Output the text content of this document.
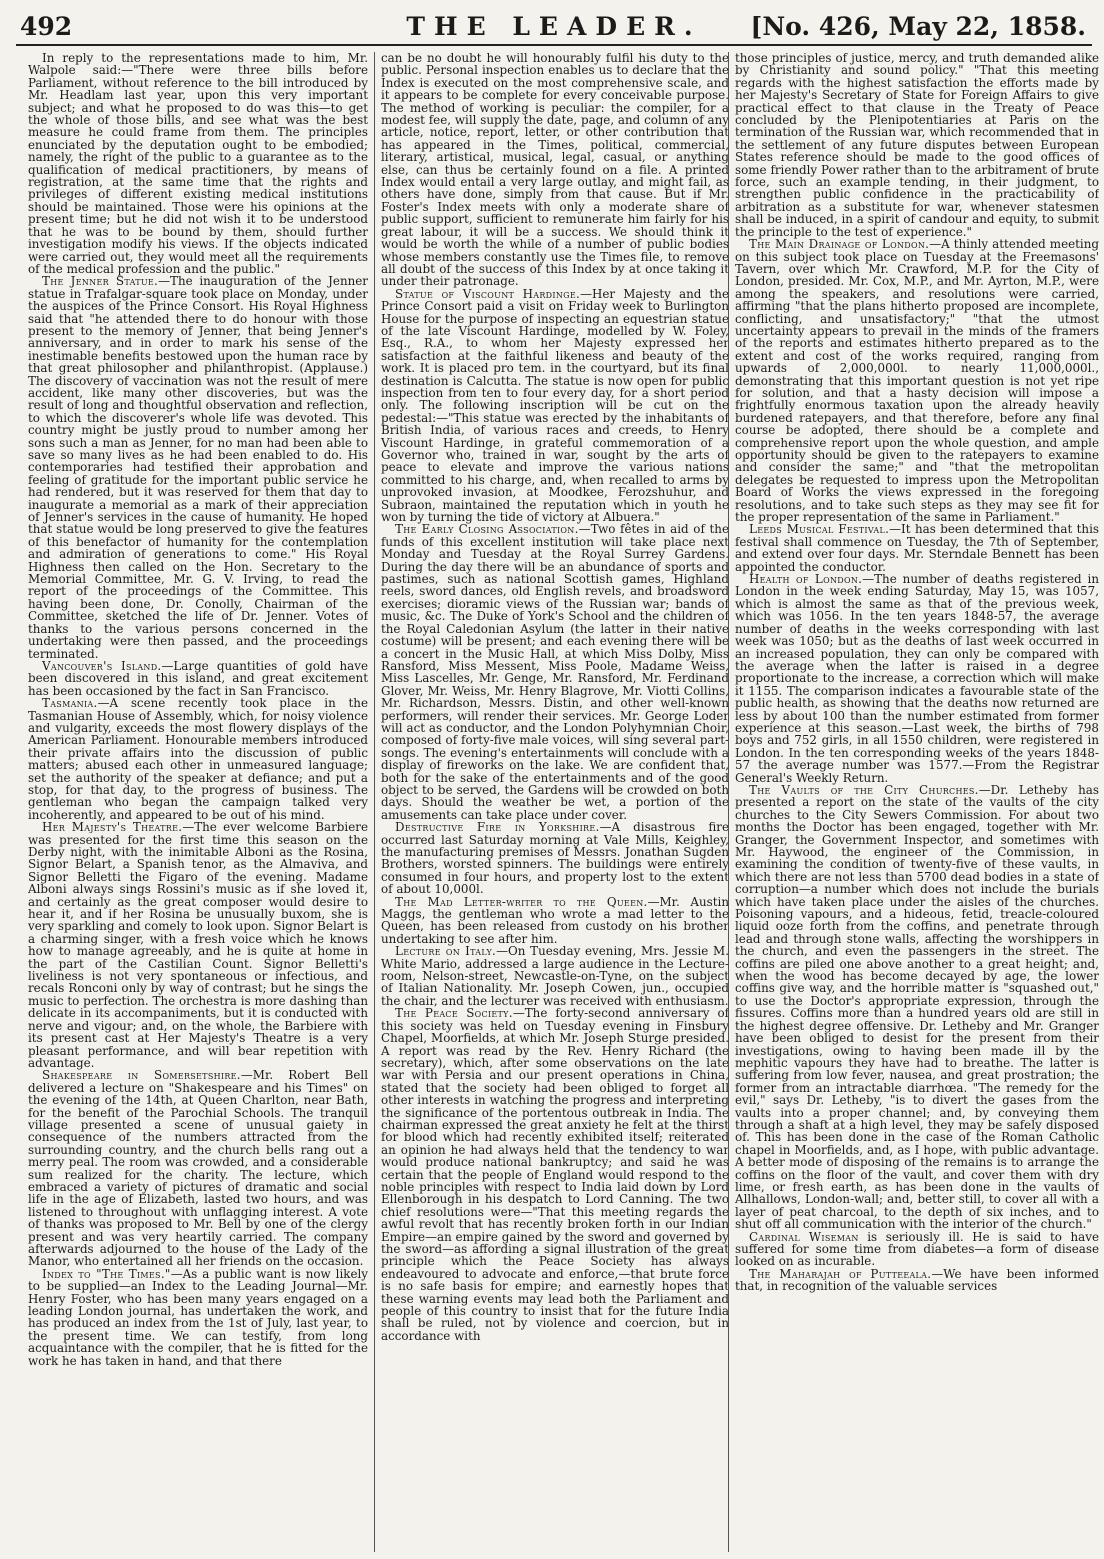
492	THE LEADER.	[No. 426, May 22, 1858.

In reply to the representations made to him, Mr. Walpole said:—"There were three bills before Parliament, without reference to the bill introduced by Mr. Headlam last year, upon this very important subject; and what he proposed to do was this—to get the whole of those bills, and see what was the best measure he could frame from them. The principles enunciated by the deputation ought to be embodied; namely, the right of the public to a guarantee as to the qualification of medical practitioners, by means of registration, at the same time that the rights and privileges of different existing medical institutions should be maintained. Those were his opinions at the present time; but he did not wish it to be understood that he was to be bound by them, should further investigation modify his views. If the objects indicated were carried out, they would meet all the requirements of the medical profession and the public."

The Jenner Statue.—The inauguration of the Jenner statue in Trafalgar-square took place on Monday, under the auspices of the Prince Consort. His Royal Highness said that "he attended there to do honour with those present to the memory of Jenner, that being Jenner's anniversary, and in order to mark his sense of the inestimable benefits bestowed upon the human race by that great philosopher and philanthropist. (Applause.) The discovery of vaccination was not the result of mere accident, like many other discoveries, but was the result of long and thoughtful observation and reflection, to which the discoverer's whole life was devoted. This country might be justly proud to number among her sons such a man as Jenner, for no man had been able to save so many lives as he had been enabled to do. His contemporaries had testified their approbation and feeling of gratitude for the important public service he had rendered, but it was reserved for them that day to inaugurate a memorial as a mark of their appreciation of Jenner's services in the cause of humanity. He hoped that statue would be long preserved to give the features of this benefactor of humanity for the contemplation and admiration of generations to come." His Royal Highness then called on the Hon. Secretary to the Memorial Committee, Mr. G. V. Irving, to read the report of the proceedings of the Committee. This having been done, Dr. Conolly, Chairman of the Committee, sketched the life of Dr. Jenner. Votes of thanks to the various persons concerned in the undertaking were then passed, and the proceedings terminated.

Vancouver's Island.—Large quantities of gold have been discovered in this island, and great excitement has been occasioned by the fact in San Francisco.

Tasmania.—A scene recently took place in the Tasmanian House of Assembly, which, for noisy violence and vulgarity, exceeds the most flowery displays of the American Parliament. Honourable members introduced their private affairs into the discussion of public matters; abused each other in unmeasured language; set the authority of the speaker at defiance; and put a stop, for that day, to the progress of business. The gentleman who began the campaign talked very incoherently, and appeared to be out of his mind.

Her Majesty's Theatre.—The ever welcome Barbiere was presented for the first time this season on the Derby night, with the inimitable Alboni as the Rosina, Signor Belart, a Spanish tenor, as the Almaviva, and Signor Belletti the Figaro of the evening. Madame Alboni always sings Rossini's music as if she loved it, and certainly as the great composer would desire to hear it, and if her Rosina be unusually buxom, she is very sparkling and comely to look upon. Signor Belart is a charming singer, with a fresh voice which he knows how to manage agreeably, and he is quite at home in the part of the Castilian Count. Signor Belletti's liveliness is not very spontaneous or infectious, and recals Ronconi only by way of contrast; but he sings the music to perfection. The orchestra is more dashing than delicate in its accompaniments, but it is conducted with nerve and vigour; and, on the whole, the Barbiere with its present cast at Her Majesty's Theatre is a very pleasant performance, and will bear repetition with advantage.

Shakespeare in Somersetshire.—Mr. Robert Bell delivered a lecture on "Shakespeare and his Times" on the evening of the 14th, at Queen Charlton, near Bath, for the benefit of the Parochial Schools. The tranquil village presented a scene of unusual gaiety in consequence of the numbers attracted from the surrounding country, and the church bells rang out a merry peal. The room was crowded, and a considerable sum realized for the charity. The lecture, which embraced a variety of pictures of dramatic and social life in the age of Elizabeth, lasted two hours, and was listened to throughout with unflagging interest. A vote of thanks was proposed to Mr. Bell by one of the clergy present and was very heartily carried. The company afterwards adjourned to the house of the Lady of the Manor, who entertained all her friends on the occasion.

Index to "The Times."—As a public want is now likely to be supplied—an Index to the Leading Journal—Mr. Henry Foster, who has been many years engaged on a leading London journal, has undertaken the work, and has produced an index from the 1st of July, last year, to the present time. We can testify, from long acquaintance with the compiler, that he is fitted for the work he has taken in hand, and that there

can be no doubt he will honourably fulfil his duty to the public. Personal inspection enables us to declare that the Index is executed on the most comprehensive scale, and it appears to be complete for every conceivable purpose. The method of working is peculiar: the compiler, for a modest fee, will supply the date, page, and column of any article, notice, report, letter, or other contribution that has appeared in the Times, political, commercial, literary, artistical, musical, legal, casual, or anything else, can thus be certainly found on a file. A printed Index would entail a very large outlay, and might fail, as others have done, simply from that cause. But if Mr. Foster's Index meets with only a moderate share of public support, sufficient to remunerate him fairly for his great labour, it will be a success. We should think it would be worth the while of a number of public bodies whose members constantly use the Times file, to remove all doubt of the success of this Index by at once taking it under their patronage.

Statue of Viscount Hardinge.—Her Majesty and the Prince Consort paid a visit on Friday week to Burlington House for the purpose of inspecting an equestrian statue of the late Viscount Hardinge, modelled by W. Foley, Esq., R.A., to whom her Majesty expressed her satisfaction at the faithful likeness and beauty of the work. It is placed pro tem. in the courtyard, but its final destination is Calcutta. The statue is now open for public inspection from ten to four every day, for a short period only. The following inscription will be cut on the pedestal:—"This statue was erected by the inhabitants of British India, of various races and creeds, to Henry Viscount Hardinge, in grateful commemoration of a Governor who, trained in war, sought by the arts of peace to elevate and improve the various nations committed to his charge, and, when recalled to arms by unprovoked invasion, at Moodkee, Ferozshuhur, and Subraon, maintained the reputation which in youth he won by turning the tide of victory at Albuera."

The Early Closing Association.—Two fêtes in aid of the funds of this excellent institution will take place next Monday and Tuesday at the Royal Surrey Gardens. During the day there will be an abundance of sports and pastimes, such as national Scottish games, Highland reels, sword dances, old English revels, and broadsword exercises; dioramic views of the Russian war; bands of music, &c. The Duke of York's School and the children of the Royal Caledonian Asylum (the latter in their native costume) will be present; and each evening there will be a concert in the Music Hall, at which Miss Dolby, Miss Ransford, Miss Messent, Miss Poole, Madame Weiss, Miss Lascelles, Mr. Genge, Mr. Ransford, Mr. Ferdinand Glover, Mr. Weiss, Mr. Henry Blagrove, Mr. Viotti Collins, Mr. Richardson, Messrs. Distin, and other well-known performers, will render their services. Mr. George Loder will act as conductor, and the London Polyhymnian Choir, composed of forty-five male voices, will sing several part-songs. The evening's entertainments will conclude with a display of fireworks on the lake. We are confident that, both for the sake of the entertainments and of the good object to be served, the Gardens will be crowded on both days. Should the weather be wet, a portion of the amusements can take place under cover.

Destructive Fire in Yorkshire.—A disastrous fire occurred last Saturday morning at Vale Mills, Keighley, the manufacturing premises of Messrs. Jonathan Sugden Brothers, worsted spinners. The buildings were entirely consumed in four hours, and property lost to the extent of about 10,000l.

The Mad Letter-writer to the Queen.—Mr. Austin Maggs, the gentleman who wrote a mad letter to the Queen, has been released from custody on his brother undertaking to see after him.

Lecture on Italy.—On Tuesday evening, Mrs. Jessie M. White Mario, addressed a large audience in the Lecture-room, Nelson-street, Newcastle-on-Tyne, on the subject of Italian Nationality. Mr. Joseph Cowen, jun., occupied the chair, and the lecturer was received with enthusiasm.

The Peace Society.—The forty-second anniversary of this society was held on Tuesday evening in Finsbury Chapel, Moorfields, at which Mr. Joseph Sturge presided. A report was read by the Rev. Henry Richard (the secretary), which, after some observations on the late war with Persia and our present operations in China, stated that the society had been obliged to forget all other interests in watching the progress and interpreting the significance of the portentous outbreak in India. The chairman expressed the great anxiety he felt at the thirst for blood which had recently exhibited itself; reiterated an opinion he had always held that the tendency to war would produce national bankruptcy; and said he was certain that the people of England would respond to the noble principles with respect to India laid down by Lord Ellenborough in his despatch to Lord Canning. The two chief resolutions were—"That this meeting regards the awful revolt that has recently broken forth in our Indian Empire—an empire gained by the sword and governed by the sword—as affording a signal illustration of the great principle which the Peace Society has always endeavoured to advocate and enforce,—that brute force is no safe basis for empire; and earnestly hopes that these warning events may lead both the Parliament and people of this country to insist that for the future India shall be ruled, not by violence and coercion, but in accordance with

those principles of justice, mercy, and truth demanded alike by Christianity and sound policy." "That this meeting regards with the highest satisfaction the efforts made by her Majesty's Secretary of State for Foreign Affairs to give practical effect to that clause in the Treaty of Peace concluded by the Plenipotentiaries at Paris on the termination of the Russian war, which recommended that in the settlement of any future disputes between European States reference should be made to the good offices of some friendly Power rather than to the arbitrament of brute force, such an example tending, in their judgment, to strengthen public confidence in the practicability of arbitration as a substitute for war, whenever statesmen shall be induced, in a spirit of candour and equity, to submit the principle to the test of experience."

The Main Drainage of London.—A thinly attended meeting on this subject took place on Tuesday at the Freemasons' Tavern, over which Mr. Crawford, M.P. for the City of London, presided. Mr. Cox, M.P., and Mr. Ayrton, M.P., were among the speakers, and resolutions were carried, affirming "that the plans hitherto proposed are incomplete, conflicting, and unsatisfactory;" "that the utmost uncertainty appears to prevail in the minds of the framers of the reports and estimates hitherto prepared as to the extent and cost of the works required, ranging from upwards of 2,000,000l. to nearly 11,000,000l., demonstrating that this important question is not yet ripe for solution, and that a hasty decision will impose a frightfully enormous taxation upon the already heavily burdened ratepayers, and that therefore, before any final course be adopted, there should be a complete and comprehensive report upon the whole question, and ample opportunity should be given to the ratepayers to examine and consider the same;" and "that the metropolitan delegates be requested to impress upon the Metropolitan Board of Works the views expressed in the foregoing resolutions, and to take such steps as they may see fit for the proper representation of the same in Parliament."

Leeds Musical Festival.—It has been determined that this festival shall commence on Tuesday, the 7th of September, and extend over four days. Mr. Sterndale Bennett has been appointed the conductor.

Health of London.—The number of deaths registered in London in the week ending Saturday, May 15, was 1057, which is almost the same as that of the previous week, which was 1056. In the ten years 1848-57, the average number of deaths in the weeks corresponding with last week was 1050; but as the deaths of last week occurred in an increased population, they can only be compared with the average when the latter is raised in a degree proportionate to the increase, a correction which will make it 1155. The comparison indicates a favourable state of the public health, as showing that the deaths now returned are less by about 100 than the number estimated from former experience at this season.—Last week, the births of 798 boys and 752 girls, in all 1550 children, were registered in London. In the ten corresponding weeks of the years 1848-57 the average number was 1577.—From the Registrar General's Weekly Return.

The Vaults of the City Churches.—Dr. Letheby has presented a report on the state of the vaults of the city churches to the City Sewers Commission. For about two months the Doctor has been engaged, together with Mr. Granger, the Government Inspector, and sometimes with Mr. Haywood, the engineer of the Commission, in examining the condition of twenty-five of these vaults, in which there are not less than 5700 dead bodies in a state of corruption—a number which does not include the burials which have taken place under the aisles of the churches. Poisoning vapours, and a hideous, fetid, treacle-coloured liquid ooze forth from the coffins, and penetrate through lead and through stone walls, affecting the worshippers in the church, and even the passengers in the street. The coffins are piled one above another to a great height; and, when the wood has become decayed by age, the lower coffins give way, and the horrible matter is "squashed out," to use the Doctor's appropriate expression, through the fissures. Coffins more than a hundred years old are still in the highest degree offensive. Dr. Letheby and Mr. Granger have been obliged to desist for the present from their investigations, owing to having been made ill by the mephitic vapours they have had to breathe. The latter is suffering from low fever, nausea, and great prostration; the former from an intractable diarrhœa. "The remedy for the evil," says Dr. Letheby, "is to divert the gases from the vaults into a proper channel; and, by conveying them through a shaft at a high level, they may be safely disposed of. This has been done in the case of the Roman Catholic chapel in Moorfields, and, as I hope, with public advantage. A better mode of disposing of the remains is to arrange the coffins on the floor of the vault, and cover them with dry lime, or fresh earth, as has been done in the vaults of Allhallows, London-wall; and, better still, to cover all with a layer of peat charcoal, to the depth of six inches, and to shut off all communication with the interior of the church."

Cardinal Wiseman is seriously ill. He is said to have suffered for some time from diabetes—a form of disease looked on as incurable.

The Maharajah of Putteeala.—We have been informed that, in recognition of the valuable services
